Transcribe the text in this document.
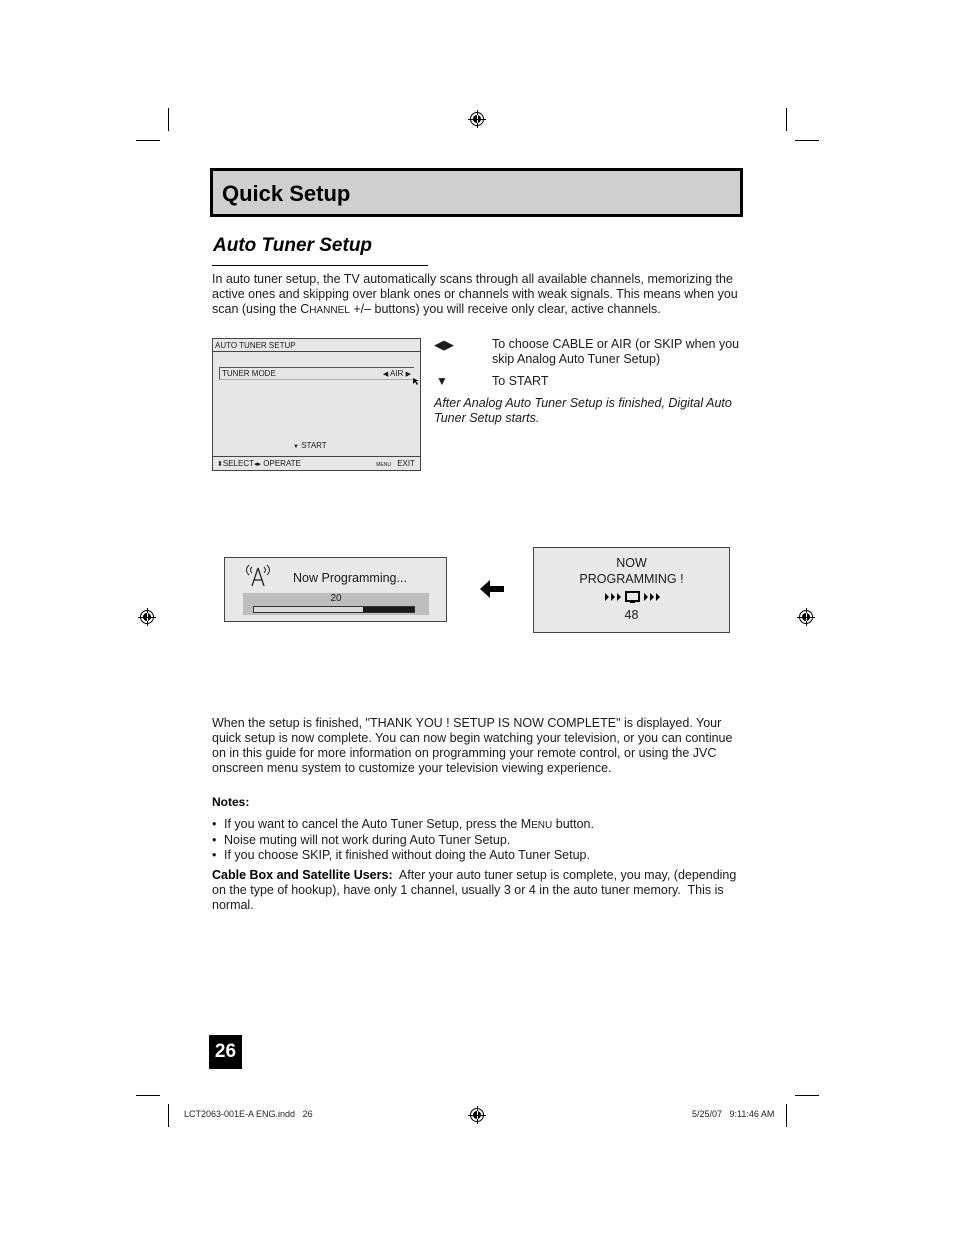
Quick Setup
Auto Tuner Setup
In auto tuner setup, the TV automatically scans through all available channels, memorizing the active ones and skipping over blank ones or channels with weak signals. This means when you scan (using the CHANNEL +/– buttons) you will receive only clear, active channels.
AUTO TUNER SETUP
TUNER MODE	◀ AIR ▶
▼ START
⬍SELECT◂▸ OPERATE	MENU EXIT
◀▶	To choose CABLE or AIR (or SKIP when you skip Analog Auto Tuner Setup)
▼	To START
After Analog Auto Tuner Setup is finished, Digital Auto Tuner Setup starts.
Now Programming...
20
NOW
PROGRAMMING !
48
When the setup is finished, "THANK YOU ! SETUP IS NOW COMPLETE" is displayed. Your quick setup is now complete. You can now begin watching your television, or you can continue on in this guide for more information on programming your remote control, or using the JVC onscreen menu system to customize your television viewing experience.
Notes:
• If you want to cancel the Auto Tuner Setup, press the MENU button.
• Noise muting will not work during Auto Tuner Setup.
• If you choose SKIP, it finished without doing the Auto Tuner Setup.
Cable Box and Satellite Users:  After your auto tuner setup is complete, you may, (depending on the type of hookup), have only 1 channel, usually 3 or 4 in the auto tuner memory.  This is normal.
26
LCT2063-001E-A ENG.indd   26	5/25/07   9:11:46 AM
